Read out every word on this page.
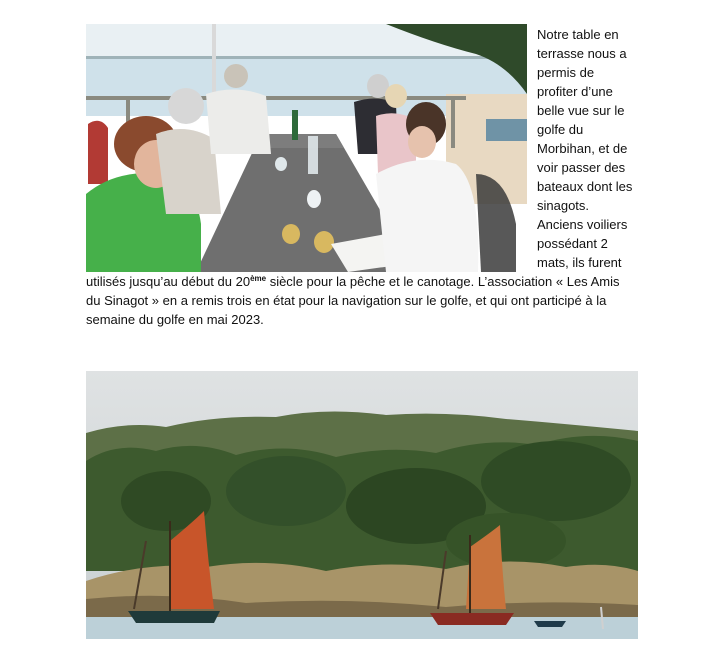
Notre table en
terrasse nous a
permis de
profiter d’une
belle vue sur le
golfe du
Morbihan, et de
voir passer des
bateaux dont les
sinagots.
Anciens voiliers
possédant 2
mats, ils furent
utilisés jusqu’au début du 20ème siècle pour la pêche et le canotage. L’association « Les Amis
du Sinagot » en a remis trois en état pour la navigation sur le golfe, et qui ont participé à la
semaine du golfe en mai 2023.
